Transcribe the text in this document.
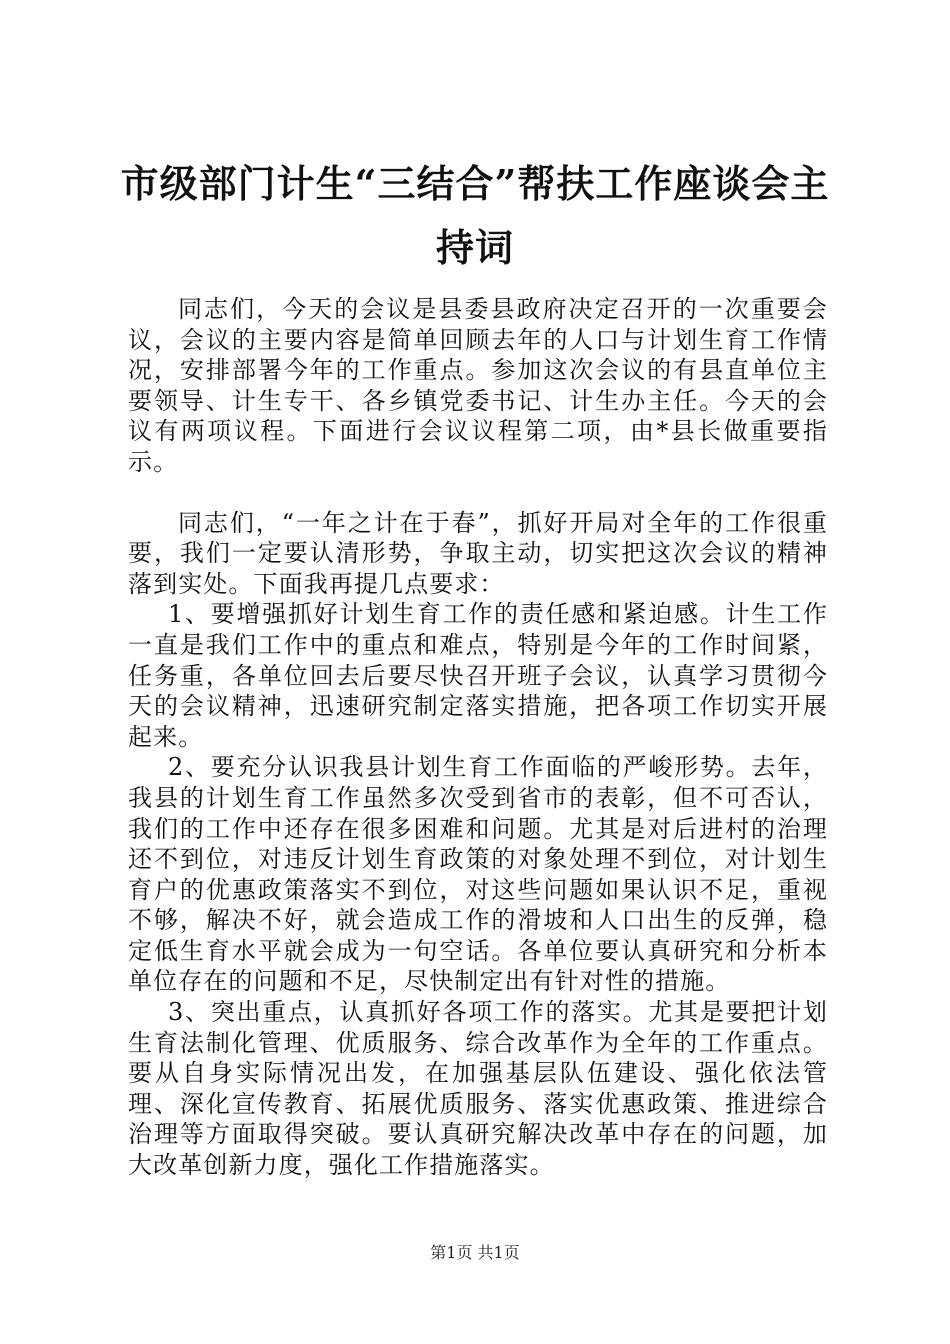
市级部门计生“三结合”帮扶工作座谈会主持词

同志们，今天的会议是县委县政府决定召开的一次重要会议，会议的主要内容是简单回顾去年的人口与计划生育工作情况，安排部署今年的工作重点。参加这次会议的有县直单位主要领导、计生专干、各乡镇党委书记、计生办主任。今天的会议有两项议程。下面进行会议议程第二项，由*县长做重要指示。

同志们，“一年之计在于春”，抓好开局对全年的工作很重要，我们一定要认清形势，争取主动，切实把这次会议的精神落到实处。下面我再提几点要求：

1、要增强抓好计划生育工作的责任感和紧迫感。计生工作一直是我们工作中的重点和难点，特别是今年的工作时间紧，任务重，各单位回去后要尽快召开班子会议，认真学习贯彻今天的会议精神，迅速研究制定落实措施，把各项工作切实开展起来。

2、要充分认识我县计划生育工作面临的严峻形势。去年，我县的计划生育工作虽然多次受到省市的表彰，但不可否认，我们的工作中还存在很多困难和问题。尤其是对后进村的治理还不到位，对违反计划生育政策的对象处理不到位，对计划生育户的优惠政策落实不到位，对这些问题如果认识不足，重视不够，解决不好，就会造成工作的滑坡和人口出生的反弹，稳定低生育水平就会成为一句空话。各单位要认真研究和分析本单位存在的问题和不足，尽快制定出有针对性的措施。

3、突出重点，认真抓好各项工作的落实。尤其是要把计划生育法制化管理、优质服务、综合改革作为全年的工作重点。要从自身实际情况出发，在加强基层队伍建设、强化依法管理、深化宣传教育、拓展优质服务、落实优惠政策、推进综合治理等方面取得突破。要认真研究解决改革中存在的问题，加大改革创新力度，强化工作措施落实。

第1页 共1页
